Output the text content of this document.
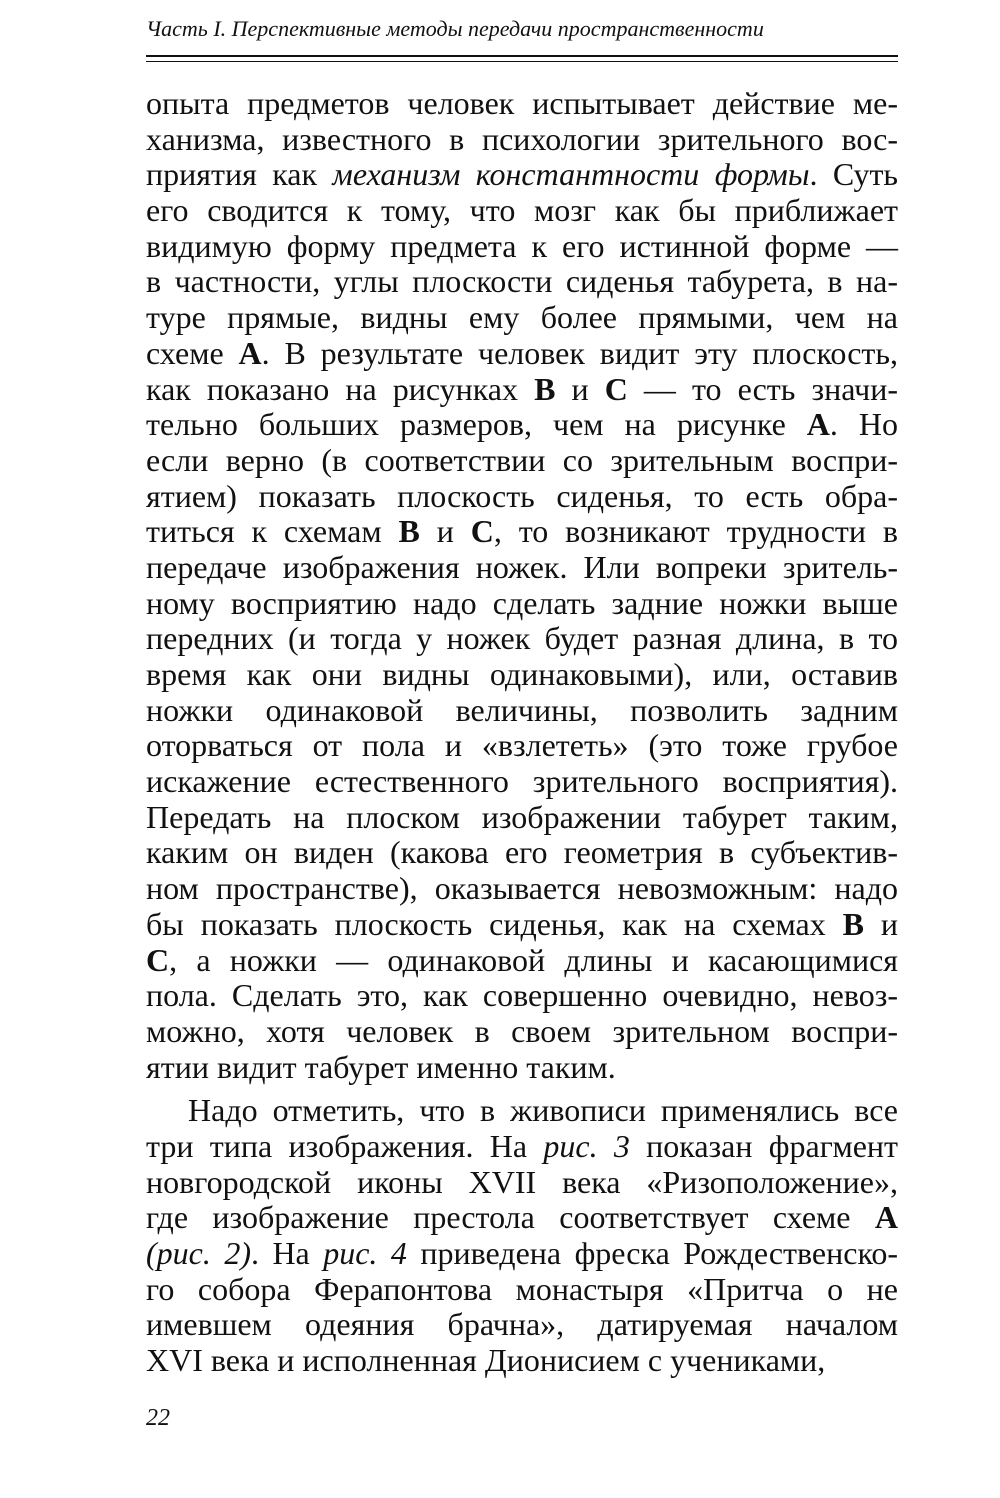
Часть I. Перспективные методы передачи пространственности
опыта предметов человек испытывает действие ме-
ханизма, известного в психологии зрительного вос-
приятия как механизм константности формы. Суть
его сводится к тому, что мозг как бы приближает
видимую форму предмета к его истинной форме —
в частности, углы плоскости сиденья табурета, в на-
туре прямые, видны ему более прямыми, чем на
схеме А. В результате человек видит эту плоскость,
как показано на рисунках В и С — то есть значи-
тельно больших размеров, чем на рисунке А. Но
если верно (в соответствии со зрительным воспри-
ятием) показать плоскость сиденья, то есть обра-
титься к схемам В и С, то возникают трудности в
передаче изображения ножек. Или вопреки зритель-
ному восприятию надо сделать задние ножки выше
передних (и тогда у ножек будет разная длина, в то
время как они видны одинаковыми), или, оставив
ножки одинаковой величины, позволить задним
оторваться от пола и «взлететь» (это тоже грубое
искажение естественного зрительного восприятия).
Передать на плоском изображении табурет таким,
каким он виден (какова его геометрия в субъектив-
ном пространстве), оказывается невозможным: надо
бы показать плоскость сиденья, как на схемах В и
С, а ножки — одинаковой длины и касающимися
пола. Сделать это, как совершенно очевидно, невоз-
можно, хотя человек в своем зрительном воспри-
ятии видит табурет именно таким.
Надо отметить, что в живописи применялись все
три типа изображения. На рис. 3 показан фрагмент
новгородской иконы XVII века «Ризоположение»,
где изображение престола соответствует схеме А
(рис. 2). На рис. 4 приведена фреска Рождественско-
го собора Ферапонтова монастыря «Притча о не
имевшем одеяния брачна», датируемая началом
XVI века и исполненная Дионисием с учениками,
22
